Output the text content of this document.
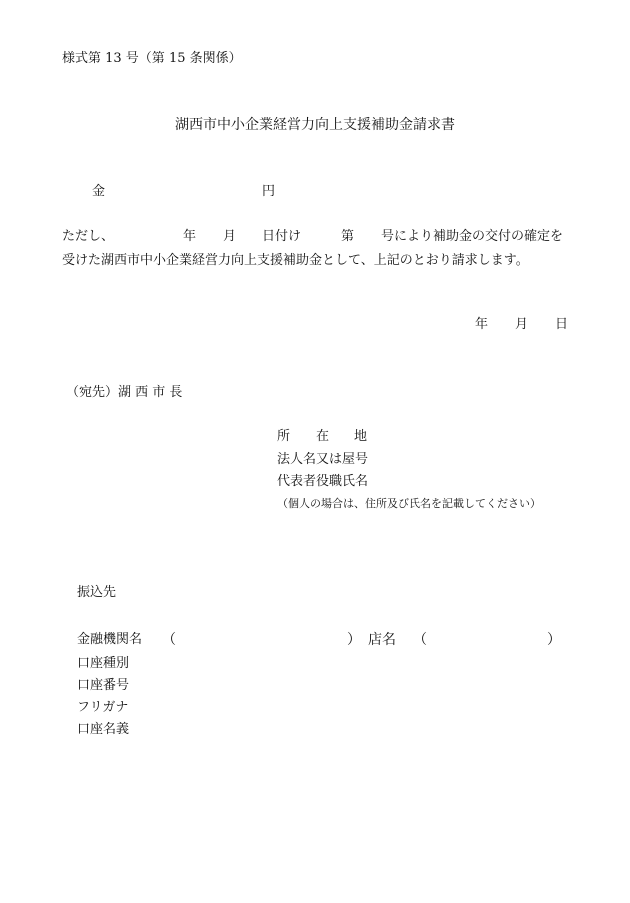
様式第 13 号（第 15 条関係）
湖西市中小企業経営力向上支援補助金請求書
金	円
ただし、	年 月 日付け	第 号により補助金の交付の確定を
受けた湖西市中小企業経営力向上支援補助金として、上記のとおり請求します。
年 月 日
（宛先）湖 西 市 長
所 在 地
法人名又は屋号
代表者役職氏名
（個人の場合は、住所及び氏名を記載してください）
振込先
金融機関名 （	） 店名 （	）
口座種別
口座番号
フリガナ
口座名義
